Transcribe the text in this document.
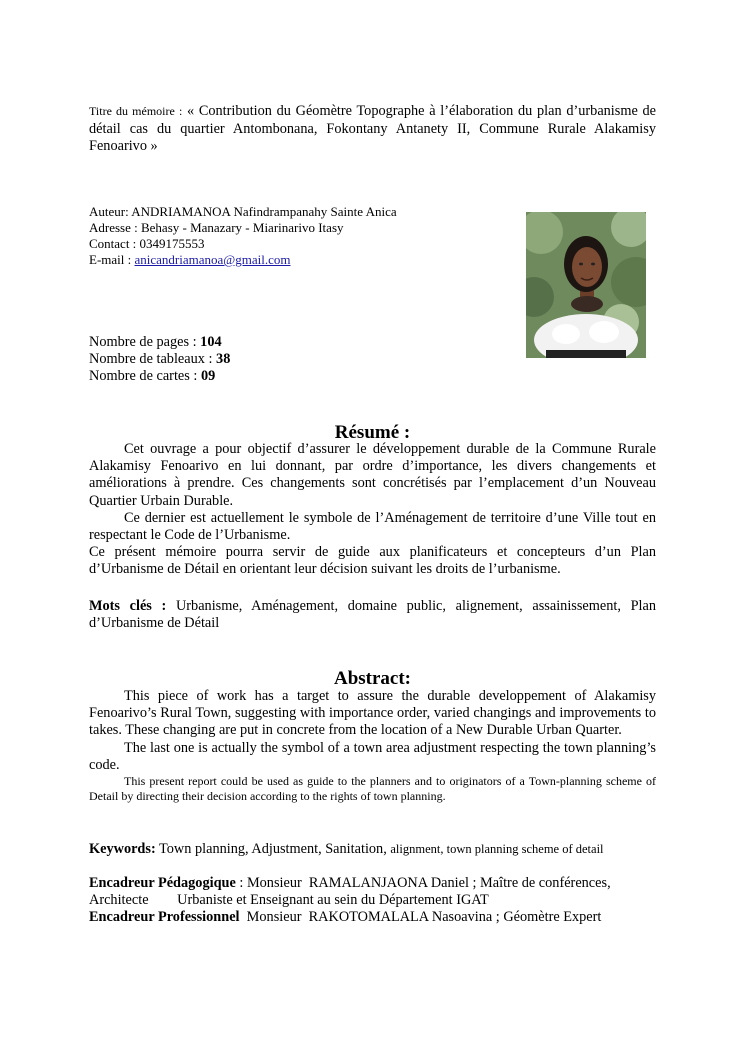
Titre du mémoire : « Contribution du Géomètre Topographe à l’élaboration du plan d’urbanisme de détail cas du quartier Antombonana, Fokontany Antanety II, Commune Rurale Alakamisy Fenoarivo »
Auteur: ANDRIAMANOA Nafindrampanahy Sainte Anica
Adresse : Behasy - Manazary - Miarinarivo Itasy
Contact : 0349175553
E-mail : anicandriamanoa@gmail.com
Nombre de pages : 104
Nombre de tableaux : 38
Nombre de cartes : 09
Résumé :

Cet ouvrage a pour objectif d’assurer le développement durable de la Commune Rurale Alakamisy Fenoarivo en lui donnant, par ordre d’importance, les divers changements et améliorations à prendre. Ces changements sont concrétisés par l’emplacement d’un Nouveau Quartier Urbain Durable.

Ce dernier est actuellement le symbole de l’Aménagement de territoire d’une Ville tout en respectant le Code de l’Urbanisme.

Ce présent mémoire pourra servir de guide aux planificateurs et concepteurs d’un Plan d’Urbanisme de Détail en orientant leur décision suivant les droits de l’urbanisme.

Mots clés : Urbanisme, Aménagement, domaine public, alignement, assainissement, Plan d’Urbanisme de Détail
Abstract:

This piece of work has a target to assure the durable developpement of Alakamisy Fenoarivo’s Rural Town, suggesting with importance order, varied changings and improvements to takes. These changing are put in concrete from the location of a New Durable Urban Quarter.

The last one is actually the symbol of a town area adjustment respecting the town planning’s code.

This present report could be used as guide to the planners and to originators of a Town-planning scheme of Detail by directing their decision according to the rights of town planning.

Keywords: Town planning, Adjustment, Sanitation, alignment, town planning scheme of detail
Encadreur Pédagogique : Monsieur  RAMALANJAONA Daniel ; Maître de conférences, Architecte        Urbaniste et Enseignant au sein du Département IGAT
Encadreur Professionnel  Monsieur  RAKOTOMALALA Nasoavina ; Géomètre Expert
